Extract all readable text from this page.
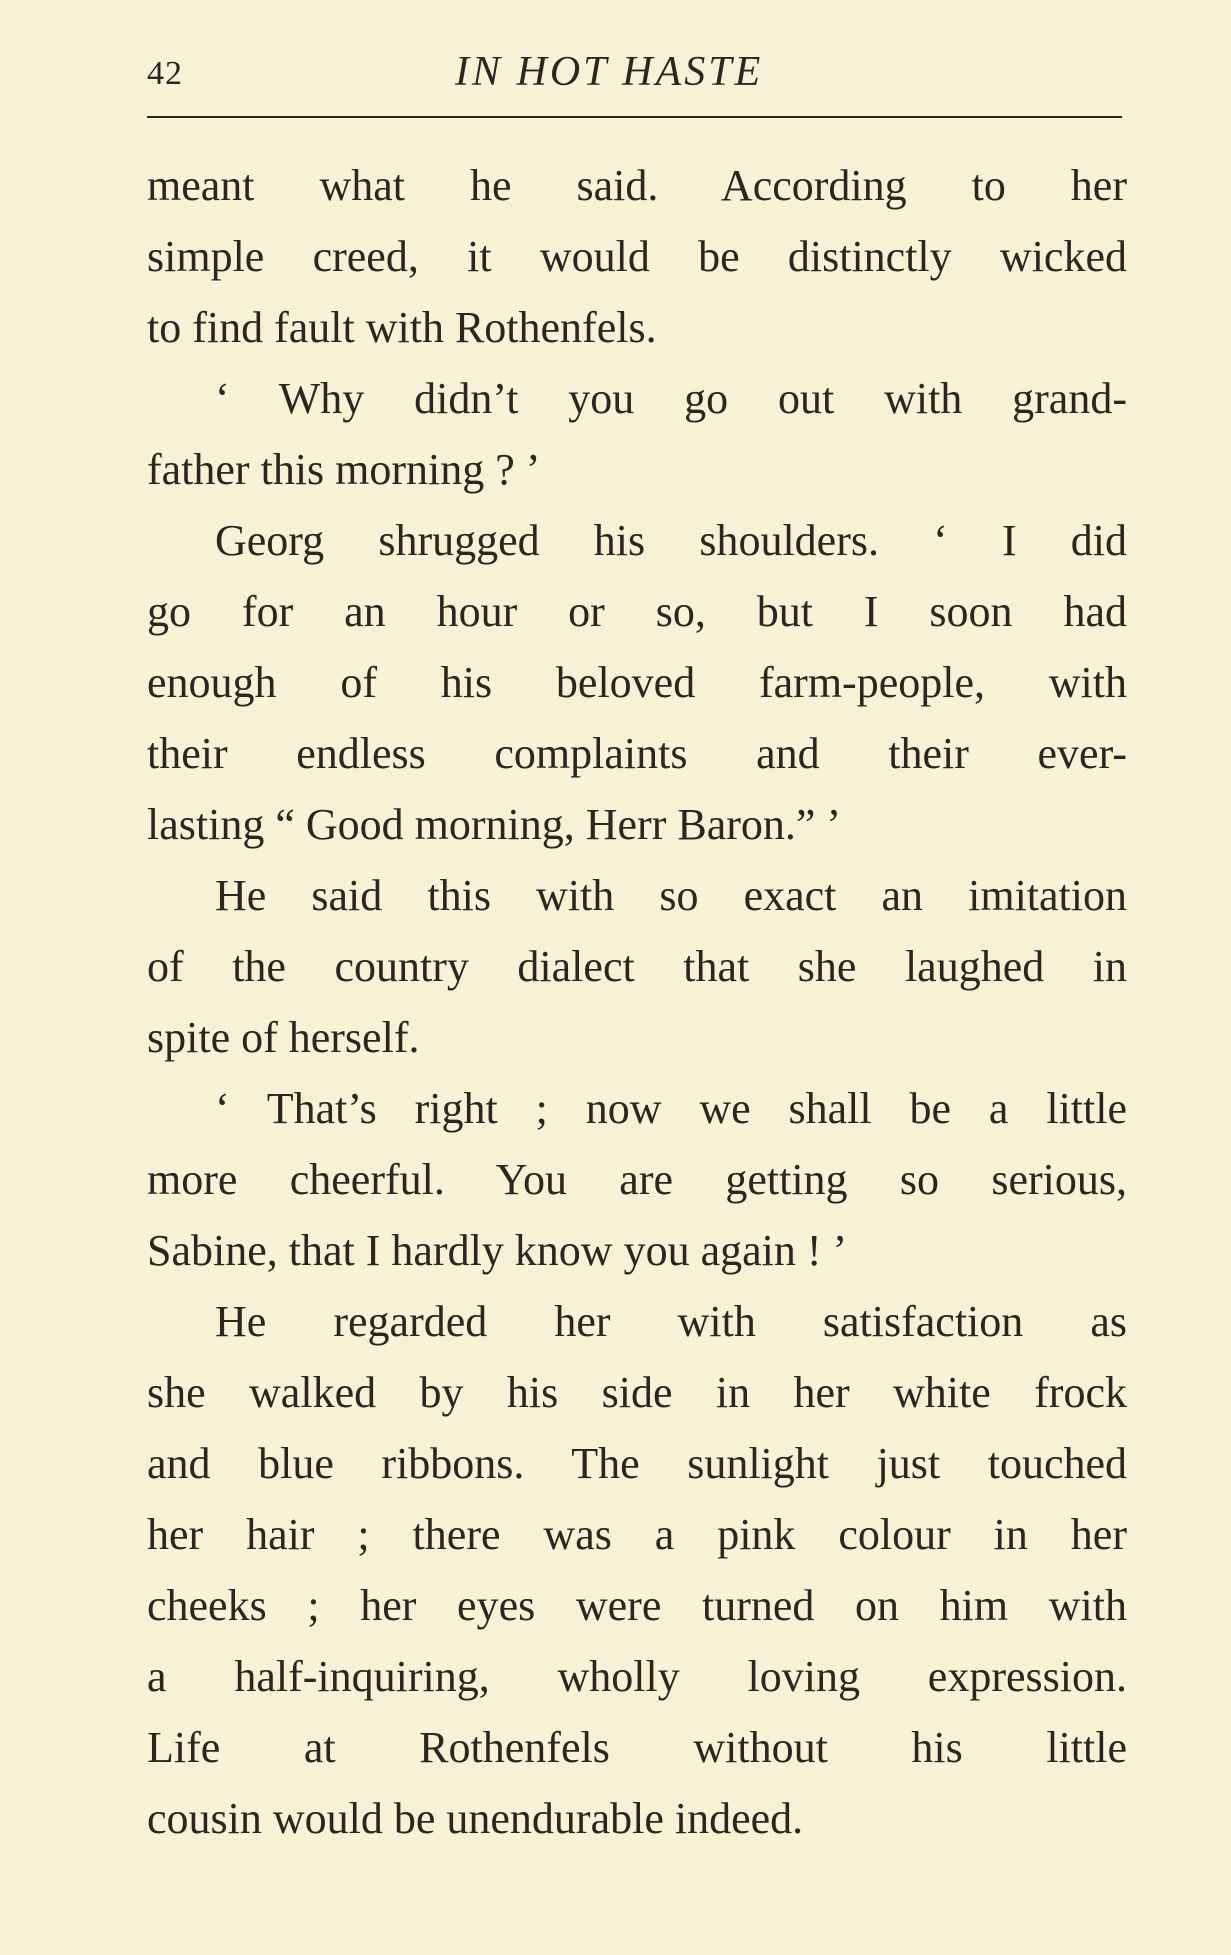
42	IN HOT HASTE
meant what he said. According to her
simple creed, it would be distinctly wicked
to find fault with Rothenfels.
‘ Why didn’t you go out with grand-
father this morning ? ’
Georg shrugged his shoulders. ‘ I did
go for an hour or so, but I soon had
enough of his beloved farm-people, with
their endless complaints and their ever-
lasting “ Good morning, Herr Baron.” ’
He said this with so exact an imitation
of the country dialect that she laughed in
spite of herself.
‘ That’s right ; now we shall be a little
more cheerful. You are getting so serious,
Sabine, that I hardly know you again ! ’
He regarded her with satisfaction as
she walked by his side in her white frock
and blue ribbons. The sunlight just touched
her hair ; there was a pink colour in her
cheeks ; her eyes were turned on him with
a half-inquiring, wholly loving expression.
Life at Rothenfels without his little
cousin would be unendurable indeed.
